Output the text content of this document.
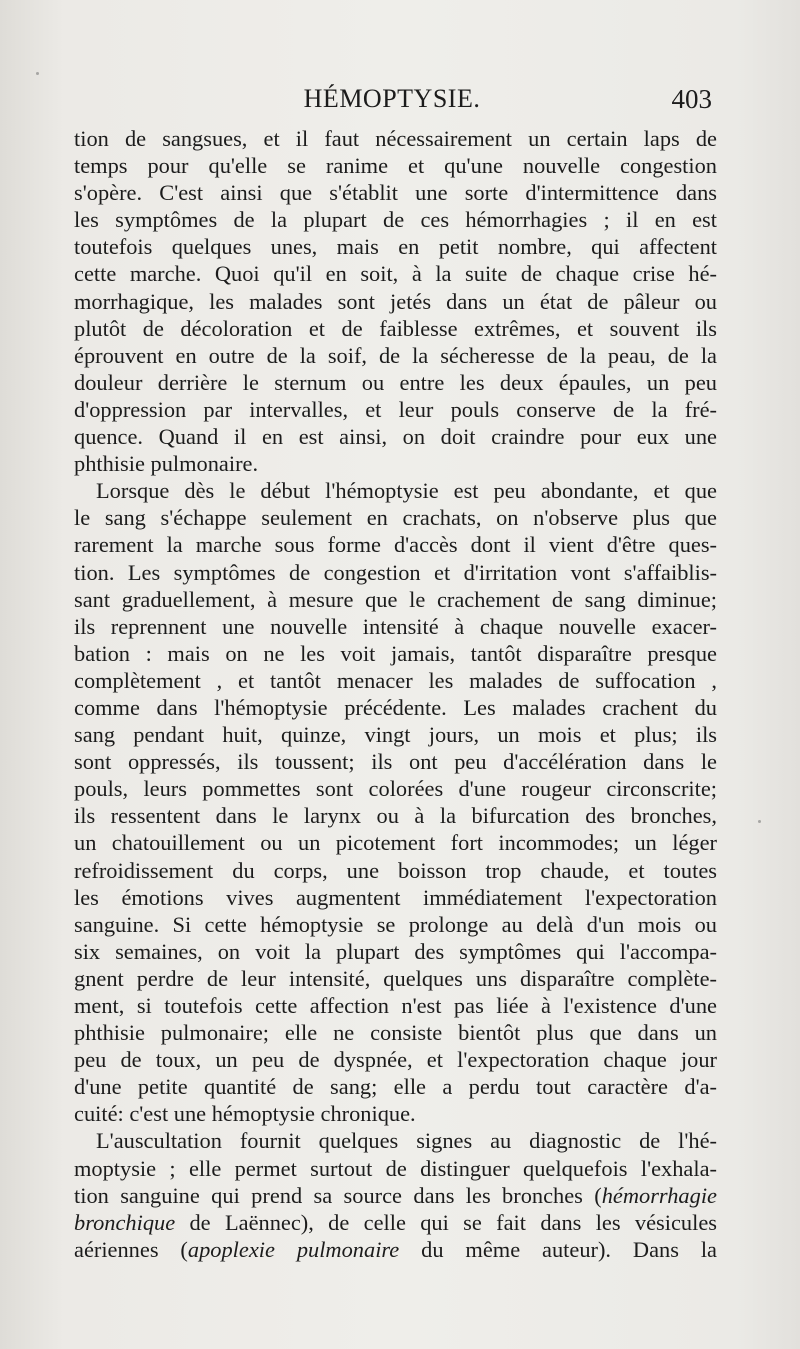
HÉMOPTYSIE.	403
tion de sangsues, et il faut nécessairement un certain laps de
temps pour qu'elle se ranime et qu'une nouvelle congestion
s'opère. C'est ainsi que s'établit une sorte d'intermittence dans
les symptômes de la plupart de ces hémorrhagies ; il en est
toutefois quelques unes, mais en petit nombre, qui affectent
cette marche. Quoi qu'il en soit, à la suite de chaque crise hé-
morrhagique, les malades sont jetés dans un état de pâleur ou
plutôt de décoloration et de faiblesse extrêmes, et souvent ils
éprouvent en outre de la soif, de la sécheresse de la peau, de la
douleur derrière le sternum ou entre les deux épaules, un peu
d'oppression par intervalles, et leur pouls conserve de la fré-
quence. Quand il en est ainsi, on doit craindre pour eux une
phthisie pulmonaire.
Lorsque dès le début l'hémoptysie est peu abondante, et que
le sang s'échappe seulement en crachats, on n'observe plus que
rarement la marche sous forme d'accès dont il vient d'être ques-
tion. Les symptômes de congestion et d'irritation vont s'affaiblis-
sant graduellement, à mesure que le crachement de sang diminue;
ils reprennent une nouvelle intensité à chaque nouvelle exacer-
bation : mais on ne les voit jamais, tantôt disparaître presque
complètement , et tantôt menacer les malades de suffocation ,
comme dans l'hémoptysie précédente. Les malades crachent du
sang pendant huit, quinze, vingt jours, un mois et plus; ils
sont oppressés, ils toussent; ils ont peu d'accélération dans le
pouls, leurs pommettes sont colorées d'une rougeur circonscrite;
ils ressentent dans le larynx ou à la bifurcation des bronches,
un chatouillement ou un picotement fort incommodes; un léger
refroidissement du corps, une boisson trop chaude, et toutes
les émotions vives augmentent immédiatement l'expectoration
sanguine. Si cette hémoptysie se prolonge au delà d'un mois ou
six semaines, on voit la plupart des symptômes qui l'accompa-
gnent perdre de leur intensité, quelques uns disparaître complète-
ment, si toutefois cette affection n'est pas liée à l'existence d'une
phthisie pulmonaire; elle ne consiste bientôt plus que dans un
peu de toux, un peu de dyspnée, et l'expectoration chaque jour
d'une petite quantité de sang; elle a perdu tout caractère d'a-
cuité: c'est une hémoptysie chronique.
L'auscultation fournit quelques signes au diagnostic de l'hé-
moptysie ; elle permet surtout de distinguer quelquefois l'exhala-
tion sanguine qui prend sa source dans les bronches (hémorrhagie
bronchique de Laënnec), de celle qui se fait dans les vésicules
aériennes (apoplexie pulmonaire du même auteur). Dans la
